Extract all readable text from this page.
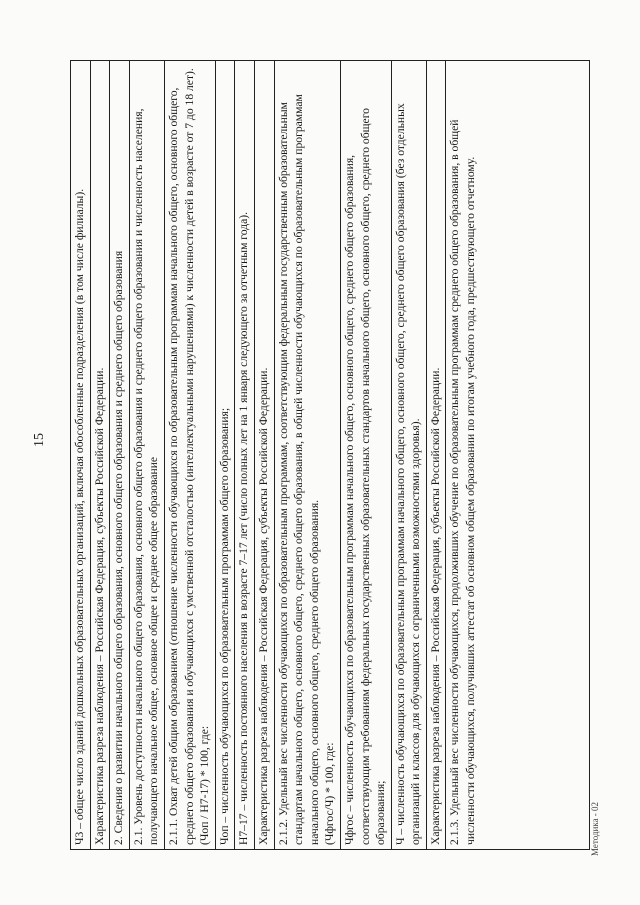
15 Ч3 – общее число зданий дошкольных образовательных организаций, включая обособленные подразделения (в том числе филиалы). Характеристика разреза наблюдения – Российская Федерация, субъекты Российской Федерации. 2. Сведения о развитии начального общего образования, основного общего образования и среднего общего образования 2.1. Уровень доступности начального общего образования, основного общего образования и среднего общего образования и численность населения, получающего начальное общее, основное общее и среднее общее образование 2.1.1. Охват детей общим образованием (отношение численности обучающихся по образовательным программам начального общего, основного общего, среднего общего образования и обучающихся с умственной отсталостью (интеллектуальными нарушениями) к численности детей в возрасте от 7 до 18 лет). (Чоп / Н7-17) * 100, где: Чоп – численность обучающихся по образовательным программам общего образования; Н7–17 – численность постоянного населения в возрасте 7–17 лет (число полных лет на 1 января следующего за отчетным года). Характеристика разреза наблюдения – Российская Федерация, субъекты Российской Федерации. 2.1.2. Удельный вес численности обучающихся по образовательным программам, соответствующим федеральным государственным образовательным стандартам начального общего, основного общего, среднего общего образования, в общей численности обучающихся по образовательным программам начального общего, основного общего, среднего общего образования. (Чфгос/Ч) * 100, где: Чфгос – численность обучающихся по образовательным программам начального общего, основного общего, среднего общего образования, соответствующим требованиям федеральных государственных образовательных стандартов начального общего, основного общего, среднего общего образования; Ч – численность обучающихся по образовательным программам начального общего, основного общего, среднего общего образования (без отдельных организаций и классов для обучающихся с ограниченными возможностями здоровья). Характеристика разреза наблюдения – Российская Федерация, субъекты Российской Федерации. 2.1.3. Удельный вес численности обучающихся, продолживших обучение по образовательным программам среднего общего образования, в общей численности обучающихся, получивших аттестат об основном общем образовании по итогам учебного года, предшествующего отчетному.	Методика - 02
